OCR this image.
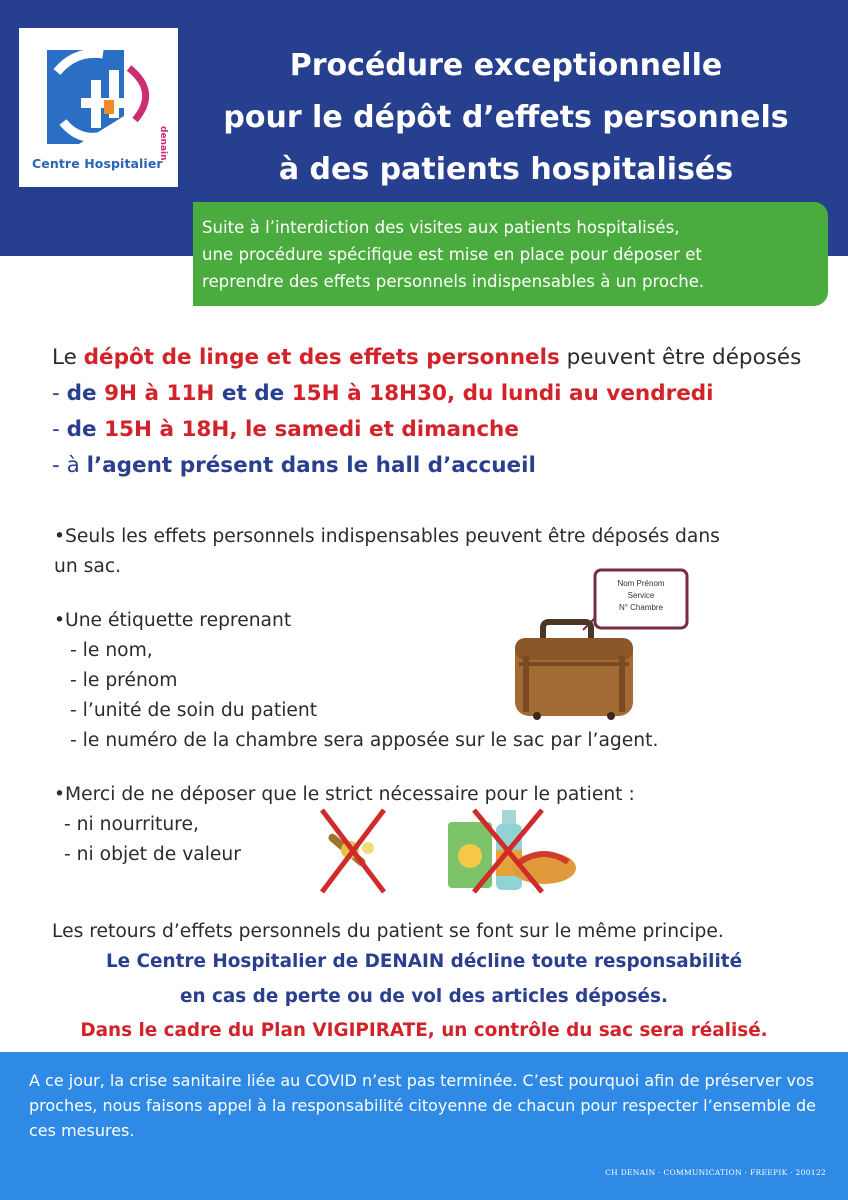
denain
Centre Hospitalier
Procédure exceptionnelle
pour le dépôt d’effets personnels
à des patients hospitalisés
Suite à l’interdiction des visites aux patients hospitalisés,
une procédure spécifique est mise en place pour déposer et
reprendre des effets personnels indispensables à un proche.
Le dépôt de linge et des effets personnels peuvent être déposés
- de 9H à 11H et de 15H à 18H30, du lundi au vendredi
- de 15H à 18H, le samedi et dimanche
- à l’agent présent dans le hall d’accueil
•Seuls les effets personnels indispensables peuvent être déposés dans
un sac.
•Une étiquette reprenant
- le nom,
- le prénom
- l’unité de soin du patient
- le numéro de la chambre sera apposée sur le sac par l’agent.
•Merci de ne déposer que le strict nécessaire pour le patient :
- ni nourriture,
- ni objet de valeur
Nom Prénom
Service
N° Chambre
Les retours d’effets personnels du patient se font sur le même principe.
Le Centre Hospitalier de DENAIN décline toute responsabilité
en cas de perte ou de vol des articles déposés.
Dans le cadre du Plan VIGIPIRATE, un contrôle du sac sera réalisé.
A ce jour, la crise sanitaire liée au COVID n’est pas terminée. C’est pourquoi afin de préserver vos
proches, nous faisons appel à la responsabilité citoyenne de chacun pour respecter l’ensemble de
ces mesures.
CH DENAIN · COMMUNICATION · FREEPIK · 200122
